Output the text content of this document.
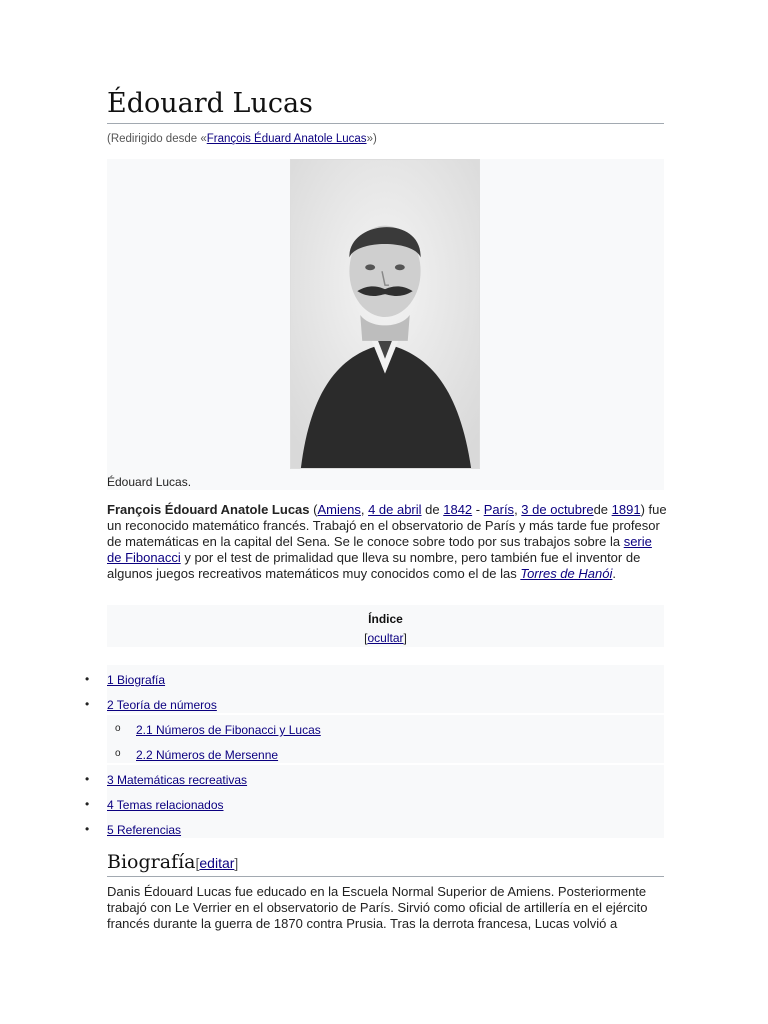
Édouard Lucas
(Redirigido desde «François Éduard Anatole Lucas»)
Édouard Lucas.

François Édouard Anatole Lucas (Amiens, 4 de abril de 1842 - París, 3 de octubrede 1891) fue un reconocido matemático francés. Trabajó en el observatorio de París y más tarde fue profesor de matemáticas en la capital del Sena. Se le conoce sobre todo por sus trabajos sobre la serie de Fibonacci y por el test de primalidad que lleva su nombre, pero también fue el inventor de algunos juegos recreativos matemáticos muy conocidos como el de las Torres de Hanói.

Índice
[ocultar]
• 1 Biografía
• 2 Teoría de números
o 2.1 Números de Fibonacci y Lucas
o 2.2 Números de Mersenne
• 3 Matemáticas recreativas
• 4 Temas relacionados
• 5 Referencias
Biografía[editar]

Danis Édouard Lucas fue educado en la Escuela Normal Superior de Amiens. Posteriormente trabajó con Le Verrier en el observatorio de París. Sirvió como oficial de artillería en el ejército francés durante la guerra de 1870 contra Prusia. Tras la derrota francesa, Lucas volvió a
